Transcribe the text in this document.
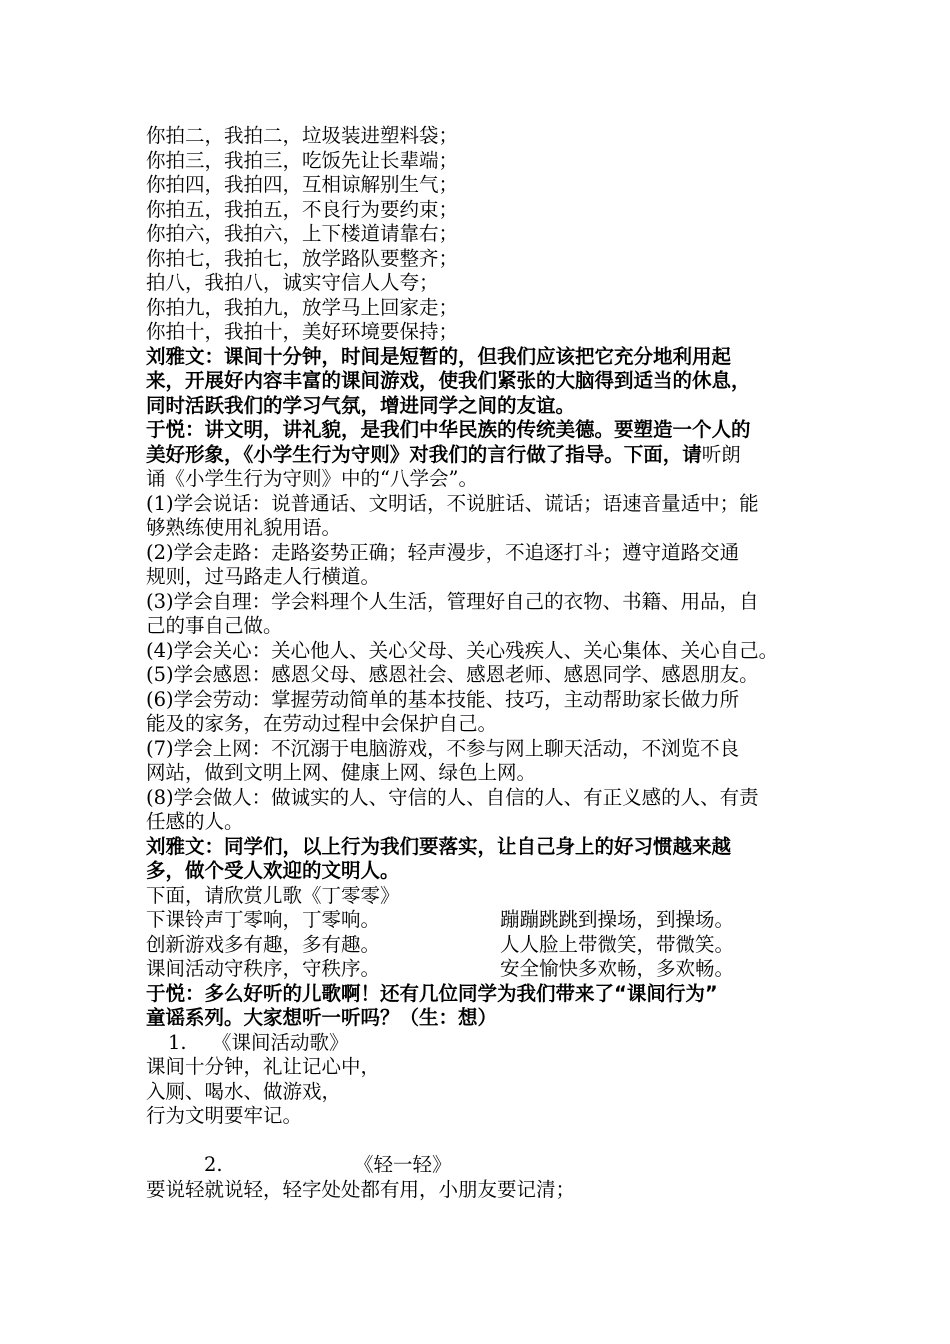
你拍二，我拍二，垃圾装进塑料袋；
你拍三，我拍三，吃饭先让长辈端；
你拍四，我拍四，互相谅解别生气；
你拍五，我拍五，不良行为要约束；
你拍六，我拍六，上下楼道请靠右；
你拍七，我拍七，放学路队要整齐；
拍八，我拍八，诚实守信人人夸；
你拍九，我拍九，放学马上回家走；
你拍十，我拍十，美好环境要保持；
刘雅文：课间十分钟，时间是短暂的，但我们应该把它充分地利用起
来，开展好内容丰富的课间游戏，使我们紧张的大脑得到适当的休息，
同时活跃我们的学习气氛，增进同学之间的友谊。
于悦：讲文明，讲礼貌，是我们中华民族的传统美德。要塑造一个人的
美好形象，《小学生行为守则》对我们的言行做了指导。下面，请听朗
诵《小学生行为守则》中的“八学会”。
(1)学会说话：说普通话、文明话，不说脏话、谎话；语速音量适中；能
够熟练使用礼貌用语。
(2)学会走路：走路姿势正确；轻声漫步，不追逐打斗；遵守道路交通
规则，过马路走人行横道。
(3)学会自理：学会料理个人生活，管理好自己的衣物、书籍、用品，自
己的事自己做。
(4)学会关心：关心他人、关心父母、关心残疾人、关心集体、关心自己。
(5)学会感恩：感恩父母、感恩社会、感恩老师、感恩同学、感恩朋友。
(6)学会劳动：掌握劳动简单的基本技能、技巧，主动帮助家长做力所
能及的家务，在劳动过程中会保护自己。
(7)学会上网：不沉溺于电脑游戏，不参与网上聊天活动，不浏览不良
网站，做到文明上网、健康上网、绿色上网。
(8)学会做人：做诚实的人、守信的人、自信的人、有正义感的人、有责
任感的人。
刘雅文：同学们，以上行为我们要落实，让自己身上的好习惯越来越
多，做个受人欢迎的文明人。
下面，请欣赏儿歌《丁零零》
下课铃声丁零响，丁零响。	蹦蹦跳跳到操场，到操场。
创新游戏多有趣，多有趣。	人人脸上带微笑，带微笑。
课间活动守秩序，守秩序。	安全愉快多欢畅，多欢畅。
于悦：多么好听的儿歌啊！还有几位同学为我们带来了“课间行为”
童谣系列。大家想听一听吗？（生：想）
1. 《课间活动歌》
课间十分钟，礼让记心中，
入厕、喝水、做游戏，
行为文明要牢记。
2.	《轻一轻》
要说轻就说轻，轻字处处都有用，小朋友要记清；
